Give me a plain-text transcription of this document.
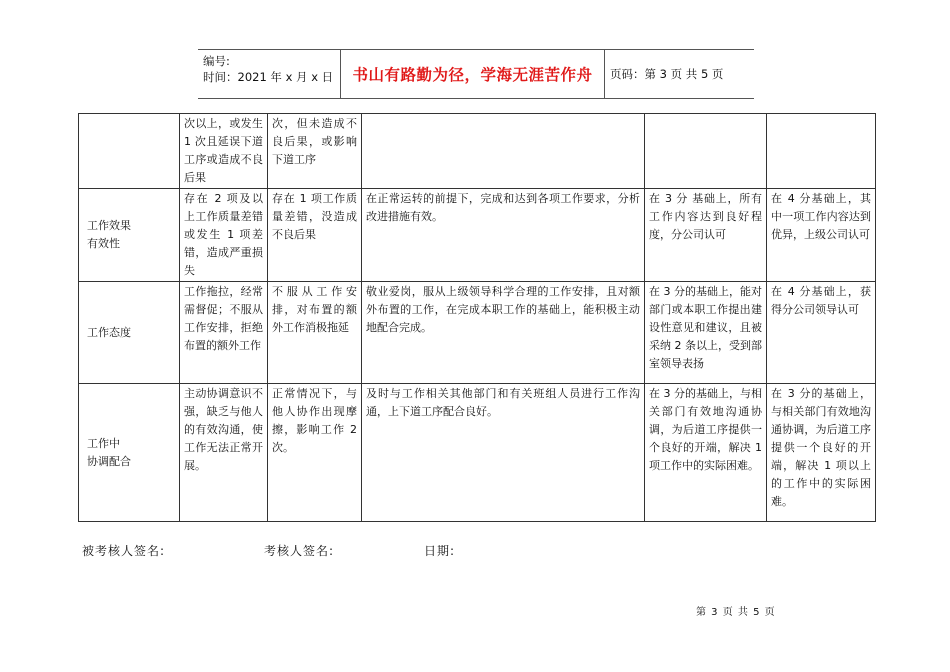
编号:
时间：2021 年 x 月 x 日	书山有路勤为径，学海无涯苦作舟	页码：第 3 页 共 5 页
	次以上，或发生 1 次且延误下道工序或造成不良后果	次，但未造成不良后果，或影响下道工序			
工作效果
有效性	存在 2 项及以上工作质量差错或发生 1 项差错，造成严重损失	存在 1 项工作质量差错，没造成不良后果	在正常运转的前提下，完成和达到各项工作要求，分析改进措施有效。	在 3 分 基础上，所有工作内容达到良好程度，分公司认可	在 4 分基础上，其中一项工作内容达到优异，上级公司认可
工作态度	工作拖拉，经常需督促；不服从工作安排，拒绝布置的额外工作	不服从工作安排，对布置的额外工作消极拖延	敬业爱岗，服从上级领导科学合理的工作安排，且对额外布置的工作，在完成本职工作的基础上，能积极主动地配合完成。	在 3 分的基础上，能对部门或本职工作提出建设性意见和建议，且被采纳 2 条以上，受到部室领导表扬	在 4 分基础上，获得分公司领导认可
工作中
协调配合	主动协调意识不强，缺乏与他人的有效沟通，使工作无法正常开展。	正常情况下，与他人协作出现摩擦，影响工作 2 次。	及时与工作相关其他部门和有关班组人员进行工作沟通，上下道工序配合良好。	在 3 分的基础上，与相关部门有效地沟通协调，为后道工序提供一个良好的开端，解决 1 项工作中的实际困难。	在 3 分的基础上，与相关部门有效地沟通协调，为后道工序提供一个良好的开端，解决 1 项以上的工作中的实际困难。
被考核人签名:	考核人签名:	日期:
第 3 页 共 5 页
